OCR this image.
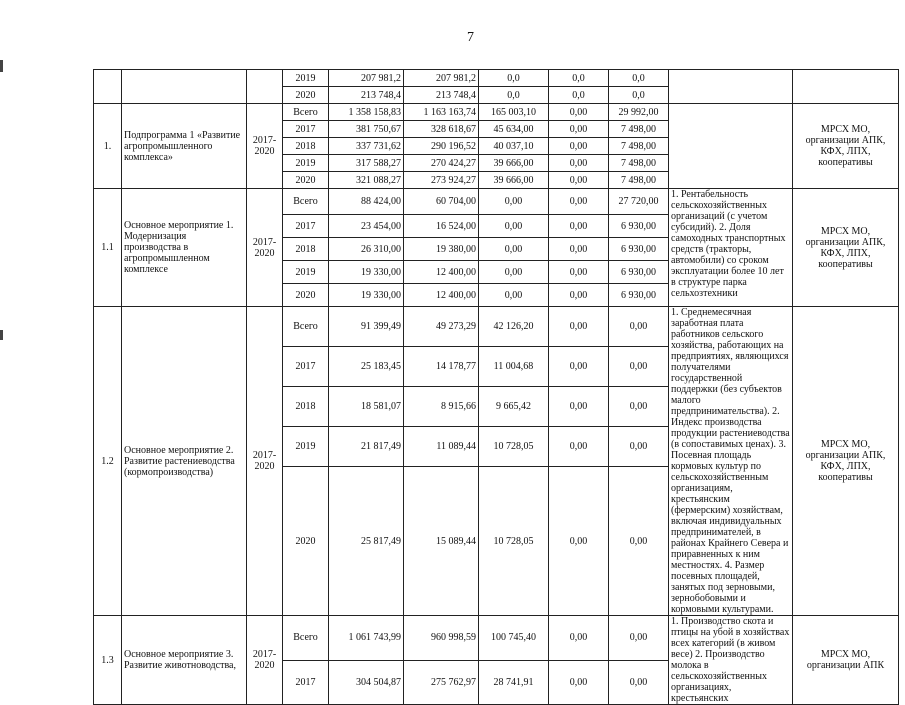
7
			2019	207 981,2	207 981,2	0,0	0,0	0,0		
			2020	213 748,4	213 748,4	0,0	0,0	0,0		
1.	Подпрограмма 1 «Развитие агропромышленного комплекса»	2017-2020	Всего	1 358 158,83	1 163 163,74	165 003,10	0,00	29 992,00		МРСХ МО, организации АПК, КФХ, ЛПХ, кооперативы
			2017	381 750,67	328 618,67	45 634,00	0,00	7 498,00		
			2018	337 731,62	290 196,52	40 037,10	0,00	7 498,00		
			2019	317 588,27	270 424,27	39 666,00	0,00	7 498,00		
			2020	321 088,27	273 924,27	39 666,00	0,00	7 498,00		
1.1	Основное мероприятие 1. Модернизация производства в агропромышленном комплексе	2017-2020	Всего	88 424,00	60 704,00	0,00	0,00	27 720,00	1. Рентабельность сельскохозяйственных организаций (с учетом субсидий). 2. Доля самоходных транспортных средств (тракторы, автомобили) со сроком эксплуатации более 10 лет в структуре парка сельхозтехники	МРСХ МО, организации АПК, КФХ, ЛПХ, кооперативы
			2017	23 454,00	16 524,00	0,00	0,00	6 930,00		
			2018	26 310,00	19 380,00	0,00	0,00	6 930,00		
			2019	19 330,00	12 400,00	0,00	0,00	6 930,00		
			2020	19 330,00	12 400,00	0,00	0,00	6 930,00		
1.2	Основное мероприятие 2. Развитие растениеводства (кормопроизводства)	2017-2020	Всего	91 399,49	49 273,29	42 126,20	0,00	0,00	1. Среднемесячная заработная плата работников сельского хозяйства, работающих на предприятиях, являющихся получателями государственной поддержки (без субъектов малого предпринимательства). 2. Индекс производства продукции растениеводства (в сопоставимых ценах). 3. Посевная площадь кормовых культур по сельскохозяйственным организациям, крестьянским (фермерским) хозяйствам, включая индивидуальных предпринимателей, в районах Крайнего Севера и приравненных к ним местностях. 4. Размер посевных площадей, занятых под зерновыми, зернобобовыми и кормовыми культурами.	МРСХ МО, организации АПК, КФХ, ЛПХ, кооперативы
			2017	25 183,45	14 178,77	11 004,68	0,00	0,00		
			2018	18 581,07	8 915,66	9 665,42	0,00	0,00		
			2019	21 817,49	11 089,44	10 728,05	0,00	0,00		
			2020	25 817,49	15 089,44	10 728,05	0,00	0,00		
1.3	Основное мероприятие 3. Развитие животноводства,	2017-2020	Всего	1 061 743,99	960 998,59	100 745,40	0,00	0,00	1. Производство скота и птицы на убой в хозяйствах всех категорий (в живом весе) 2. Производство молока в сельскохозяйственных организациях, крестьянских	МРСХ МО, организации АПК
			2017	304 504,87	275 762,97	28 741,91	0,00	0,00		
